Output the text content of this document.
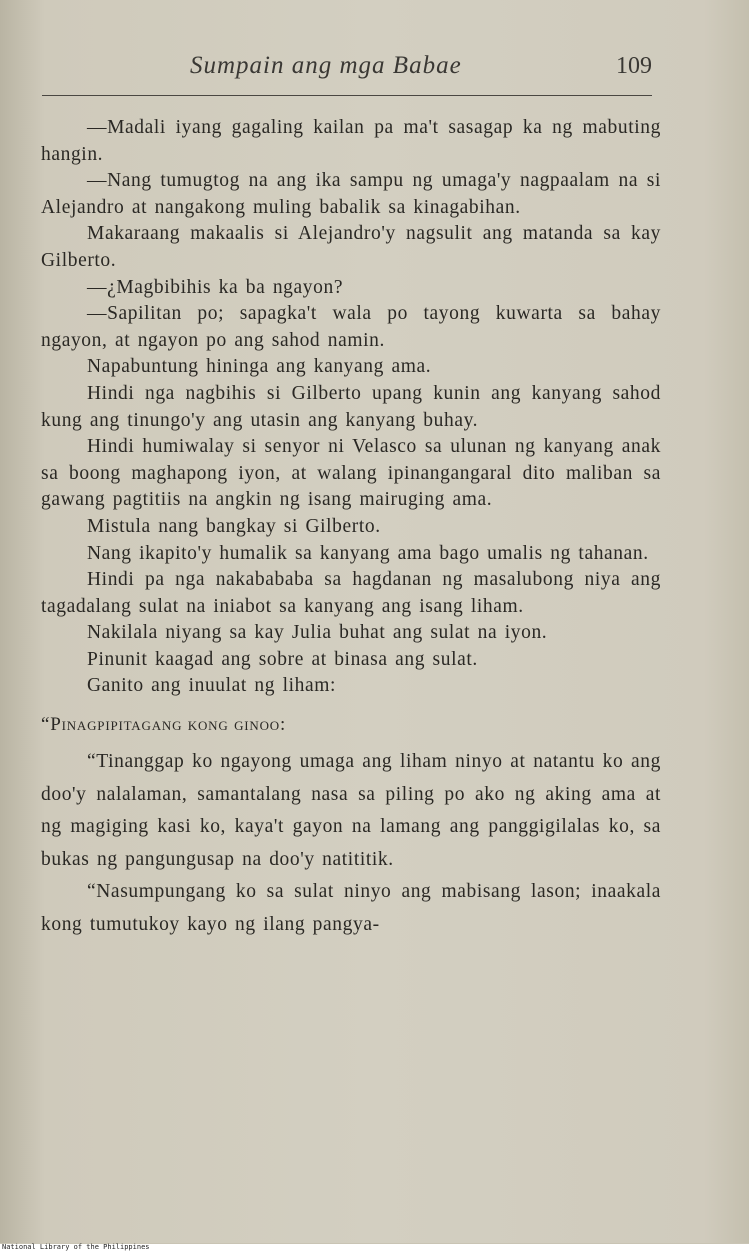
Sumpain ang mga Babae	109

—Madali iyang gagaling kailan pa ma't sasagap ka ng mabuting hangin.

—Nang tumugtog na ang ika sampu ng umaga'y nagpaalam na si Alejandro at nangakong muling babalik sa kinagabihan.

Makaraang makaalis si Alejandro'y nagsulit ang matanda sa kay Gilberto.

—¿Magbibihis ka ba ngayon?

—Sapilitan po; sapagka't wala po tayong kuwarta sa bahay ngayon, at ngayon po ang sahod namin.

Napabuntung hininga ang kanyang ama.

Hindi nga nagbihis si Gilberto upang kunin ang kanyang sahod kung ang tinungo'y ang utasin ang kanyang buhay.

Hindi humiwalay si senyor ni Velasco sa ulunan ng kanyang anak sa boong maghapong iyon, at walang ipinangangaral dito maliban sa gawang pagtitiis na angkin ng isang mairuging ama.

Mistula nang bangkay si Gilberto.

Nang ikapito'y humalik sa kanyang ama bago umalis ng tahanan.

Hindi pa nga nakabababa sa hagdanan ng masalubong niya ang tagadalang sulat na iniabot sa kanyang ang isang liham.

Nakilala niyang sa kay Julia buhat ang sulat na iyon.

Pinunit kaagad ang sobre at binasa ang sulat.

Ganito ang inuulat ng liham:

“Pinagpipitagang kong ginoo:

“Tinanggap ko ngayong umaga ang liham ninyo at natantu ko ang doo'y nalalaman, samantalang nasa sa piling po ako ng aking ama at ng magiging kasi ko, kaya't gayon na lamang ang panggigilalas ko, sa bukas ng pangungusap na doo'y natititik.

“Nasumpungang ko sa sulat ninyo ang mabisang lason; inaakala kong tumutukoy kayo ng ilang pangya-

National Library of the Philippines
